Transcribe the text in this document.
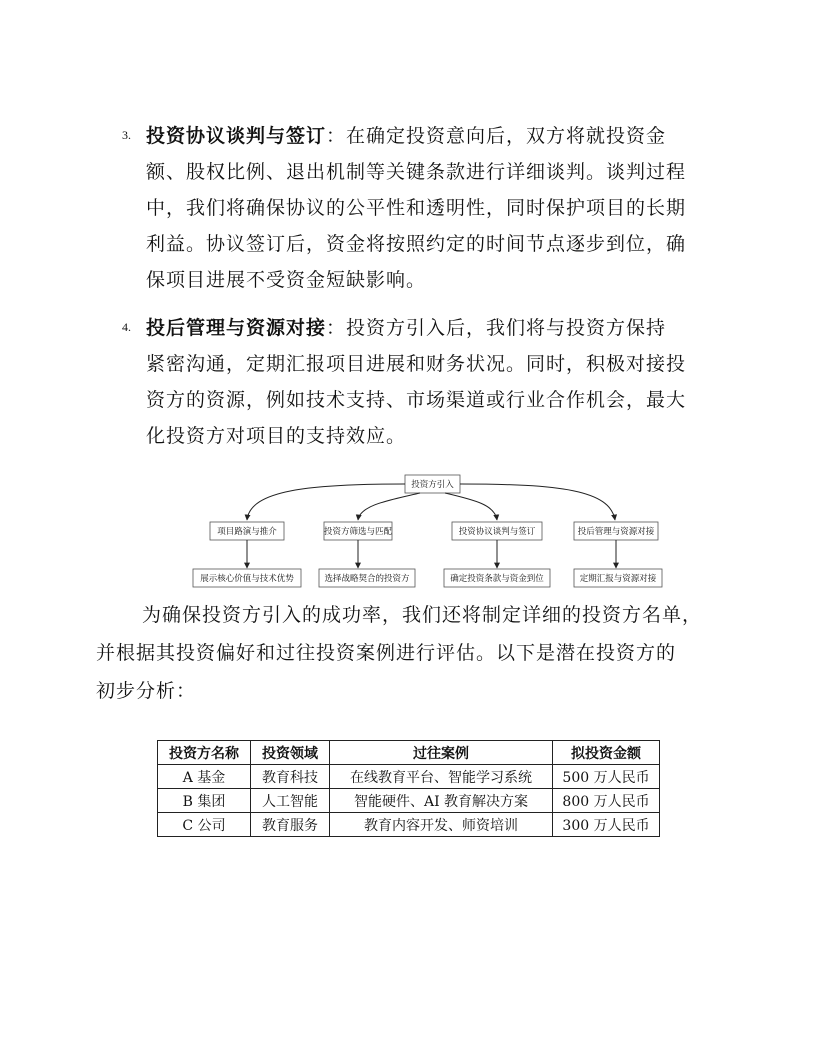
3. 投资协议谈判与签订：在确定投资意向后，双方将就投资金
额、股权比例、退出机制等关键条款进行详细谈判。谈判过程
中，我们将确保协议的公平性和透明性，同时保护项目的长期
利益。协议签订后，资金将按照约定的时间节点逐步到位，确
保项目进展不受资金短缺影响。
4. 投后管理与资源对接：投资方引入后，我们将与投资方保持
紧密沟通，定期汇报项目进展和财务状况。同时，积极对接投
资方的资源，例如技术支持、市场渠道或行业合作机会，最大
化投资方对项目的支持效应。
投资方引入
项目路演与推介	投资方筛选与匹配	投资协议谈判与签订	投后管理与资源对接
展示核心价值与技术优势	选择战略契合的投资方	确定投资条款与资金到位	定期汇报与资源对接
为确保投资方引入的成功率，我们还将制定详细的投资方名单，
并根据其投资偏好和过往投资案例进行评估。以下是潜在投资方的
初步分析：
投资方名称	投资领域	过往案例	拟投资金额
A 基金	教育科技	在线教育平台、智能学习系统	500 万人民币
B 集团	人工智能	智能硬件、AI 教育解决方案	800 万人民币
C 公司	教育服务	教育内容开发、师资培训	300 万人民币
